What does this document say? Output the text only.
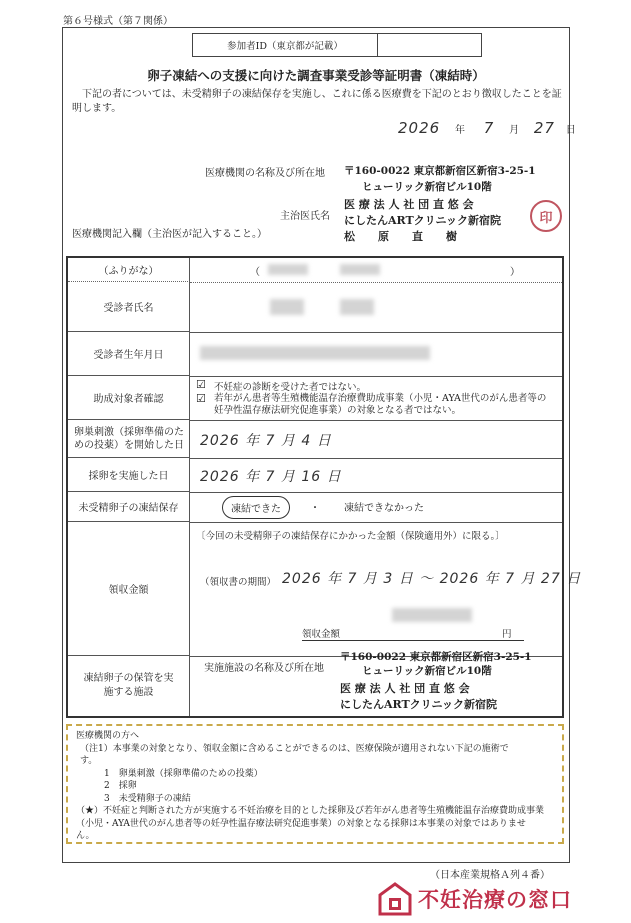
第６号様式（第７関係）
参加者ID（東京都が記載）
卵子凍結への支援に向けた調査事業受診等証明書（凍結時）
下記の者については、未受精卵子の凍結保存を実施し、これに係る医療費を下記のとおり徴収したことを証明します。
2026 年 7 月 27 日
医療機関の名称及び所在地 〒160-0022 東京都新宿区新宿3-25-1
ヒューリック新宿ビル10階
主治医氏名
医 療 法 人 社 団 直 悠 会
にしたんARTクリニック新宿院
松　原　直　樹
医療機関記入欄（主治医が記入すること。）
印
（ふりがな）	（	）
受診者氏名
受診者生年月日
助成対象者確認
☑ 不妊症の診断を受けた者ではない。
☑ 若年がん患者等生殖機能温存治療費助成事業（小児・AYA世代のがん患者等の妊孕性温存療法研究促進事業）の対象となる者ではない。
卵巣刺激（採卵準備のための投薬）を開始した日	2026 年 7 月 4 日
採卵を実施した日 2026 年 7 月 16 日
未受精卵子の凍結保存	凍結できた	・ 凍結できなかった
領収金額
〔今回の未受精卵子の凍結保存にかかった金額（保険適用外）に限る。〕
（領収書の期間） 2026 年 7 月 3 日 〜 2026 年 7 月 27 日
領収金額	円
凍結卵子の保管を実施する施設
実施施設の名称及び所在地
〒160-0022 東京都新宿区新宿3-25-1
ヒューリック新宿ビル10階
医 療 法 人 社 団 直 悠 会
にしたんARTクリニック新宿院
医療機関の方へ
（注1）本事業の対象となり、領収金額に含めることができるのは、医療保険が適用されない下記の施術です。
1　卵巣刺激（採卵準備のための投薬）
2　採卵
3　未受精卵子の凍結
（★）不妊症と判断された方が実施する不妊治療を目的とした採卵及び若年がん患者等生殖機能温存治療費助成事業（小児・AYA世代のがん患者等の妊孕性温存療法研究促進事業）の対象となる採卵は本事業の対象ではありません。
（日本産業規格Ａ列４番）
不妊治療の窓口
